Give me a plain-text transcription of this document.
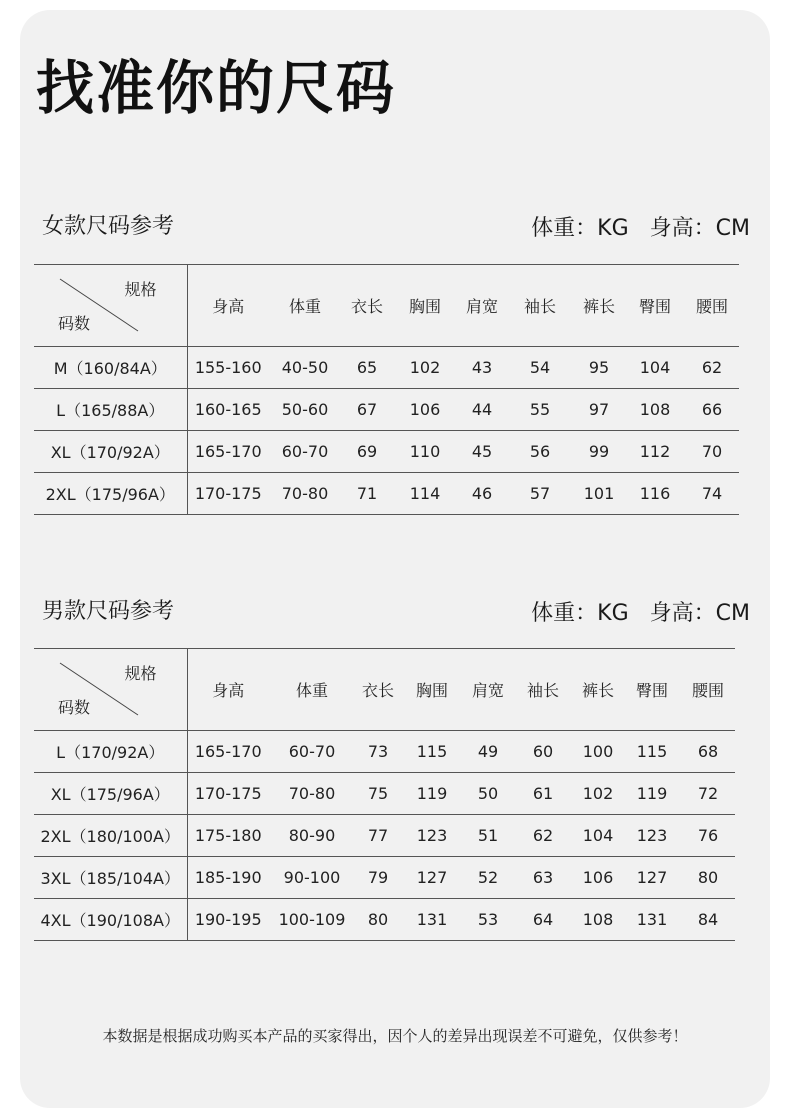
找准你的尺码
女款尺码参考	体重：KG 身高：CM
规格
码数	身高	体重	衣长	胸围	肩宽	袖长	裤长	臀围	腰围
M（160/84A）	155-160	40-50	65	102	43	54	95	104	62
L（165/88A）	160-165	50-60	67	106	44	55	97	108	66
XL（170/92A）	165-170	60-70	69	110	45	56	99	112	70
2XL（175/96A）	170-175	70-80	71	114	46	57	101	116	74
男款尺码参考	体重：KG 身高：CM
规格
码数	身高	体重	衣长	胸围	肩宽	袖长	裤长	臀围	腰围
L（170/92A）	165-170	60-70	73	115	49	60	100	115	68
XL（175/96A）	170-175	70-80	75	119	50	61	102	119	72
2XL（180/100A）	175-180	80-90	77	123	51	62	104	123	76
3XL（185/104A）	185-190	90-100	79	127	52	63	106	127	80
4XL（190/108A）	190-195	100-109	80	131	53	64	108	131	84
本数据是根据成功购买本产品的买家得出，因个人的差异出现误差不可避免，仅供参考！
